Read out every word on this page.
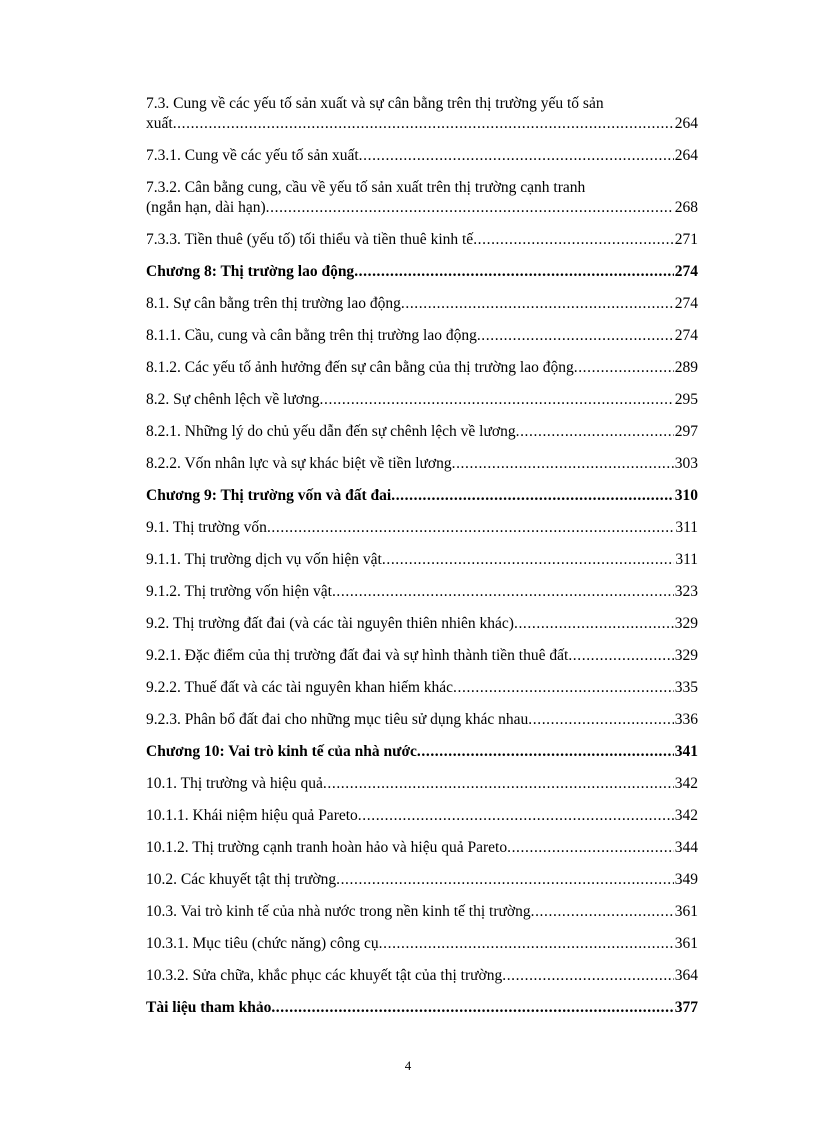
7.3. Cung về các yếu tố sản xuất và sự cân bằng trên thị trường yếu tố sản
xuất .....	264
7.3.1. Cung về các yếu tố sản xuất .....	264
7.3.2. Cân bằng cung, cầu về yếu tố sản xuất trên thị trường cạnh tranh
(ngắn hạn, dài hạn) .....	268
7.3.3. Tiền thuê (yếu tố) tối thiểu và tiền thuê kinh tế .....	271
Chương 8: Thị trường lao động .....	274
8.1. Sự cân bằng trên thị trường lao động .....	274
8.1.1. Cầu, cung và cân bằng trên thị trường lao động .....	274
8.1.2. Các yếu tố ảnh hưởng đến sự cân bằng của thị trường lao động .....	289
8.2. Sự chênh lệch về lương .....	295
8.2.1. Những lý do chủ yếu dẫn đến sự chênh lệch về lương .....	297
8.2.2. Vốn nhân lực và sự khác biệt về tiền lương .....	303
Chương 9: Thị trường vốn và đất đai .....	310
9.1. Thị trường vốn .....	311
9.1.1. Thị trường dịch vụ vốn hiện vật .....	311
9.1.2. Thị trường vốn hiện vật .....	323
9.2. Thị trường đất đai (và các tài nguyên thiên nhiên khác) .....	329
9.2.1. Đặc điểm của thị trường đất đai và sự hình thành tiền thuê đất .....	329
9.2.2. Thuế đất và các tài nguyên khan hiếm khác .....	335
9.2.3. Phân bổ đất đai cho những mục tiêu sử dụng khác nhau .....	336
Chương 10: Vai trò kinh tế của nhà nước .....	341
10.1. Thị trường và hiệu quả .....	342
10.1.1. Khái niệm hiệu quả Pareto .....	342
10.1.2. Thị trường cạnh tranh hoàn hảo và hiệu quả Pareto .....	344
10.2. Các khuyết tật thị trường .....	349
10.3. Vai trò kinh tế của nhà nước trong nền kinh tế thị trường .....	361
10.3.1. Mục tiêu (chức năng) công cụ .....	361
10.3.2. Sửa chữa, khắc phục các khuyết tật của thị trường .....	364
Tài liệu tham khảo .....	377
4
